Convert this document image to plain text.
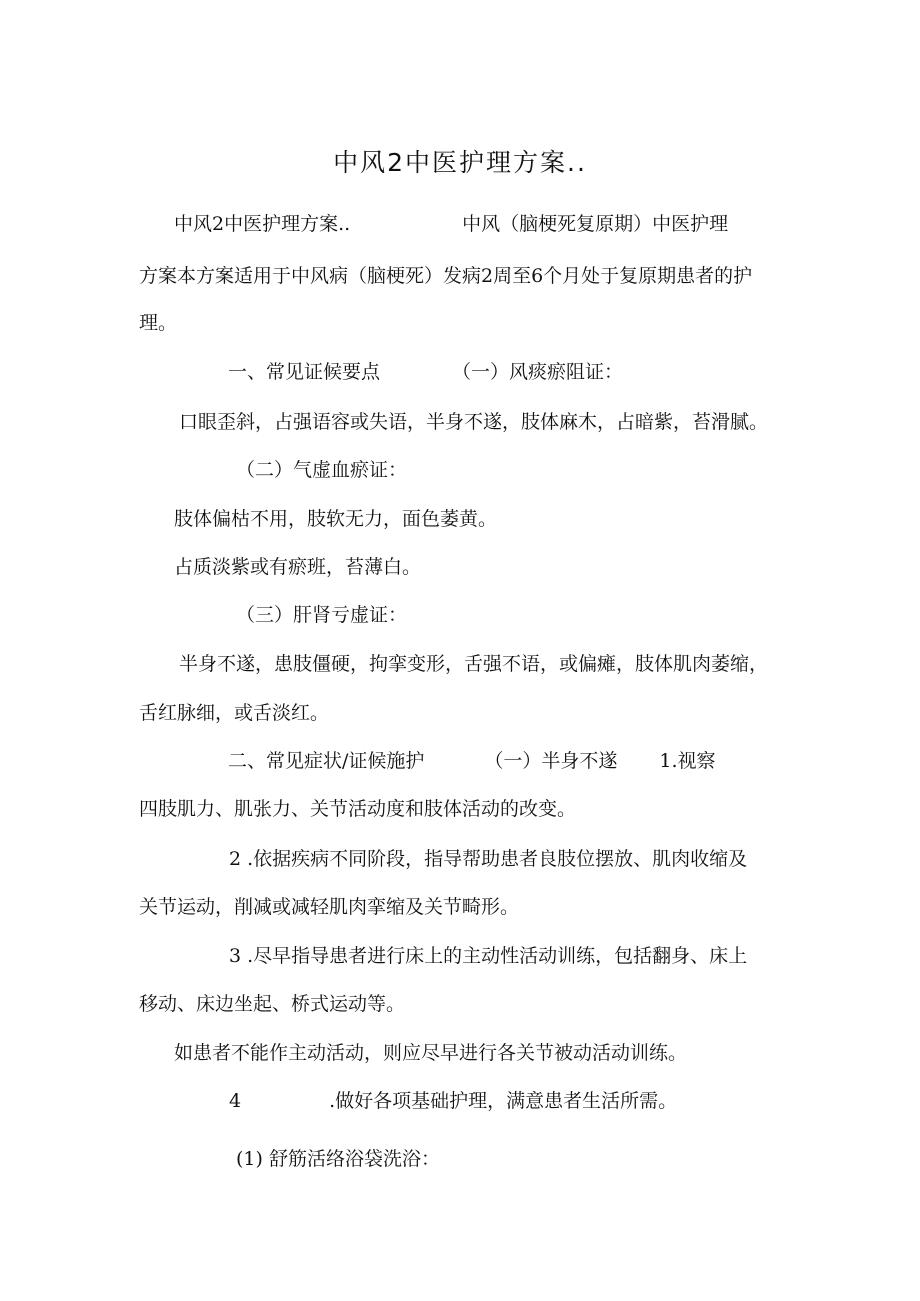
中风2中医护理方案..
中风2中医护理方案..	中风（脑梗死复原期）中医护理
方案本方案适用于中风病（脑梗死）发病2周至6个月处于复原期患者的护
理。
一、常见证候要点	（一）风痰瘀阻证：
口眼歪斜，占强语容或失语，半身不遂，肢体麻木，占暗紫，苔滑腻。
（二）气虚血瘀证：
肢体偏枯不用，肢软无力，面色萎黄。
占质淡紫或有瘀班，苔薄白。
（三）肝肾亏虚证：
半身不遂，患肢僵硬，拘挛变形，舌强不语，或偏瘫，肢体肌肉萎缩，
舌红脉细，或舌淡红。
二、常见症状/证候施护	（一）半身不遂 1.视察
四肢肌力、肌张力、关节活动度和肢体活动的改变。
2 .依据疾病不同阶段，指导帮助患者良肢位摆放、肌肉收缩及
关节运动，削减或减轻肌肉挛缩及关节畸形。
3 .尽早指导患者进行床上的主动性活动训练，包括翻身、床上
移动、床边坐起、桥式运动等。
如患者不能作主动活动，则应尽早进行各关节被动活动训练。
4	.做好各项基础护理，满意患者生活所需。
(1) 舒筋活络浴袋洗浴：
